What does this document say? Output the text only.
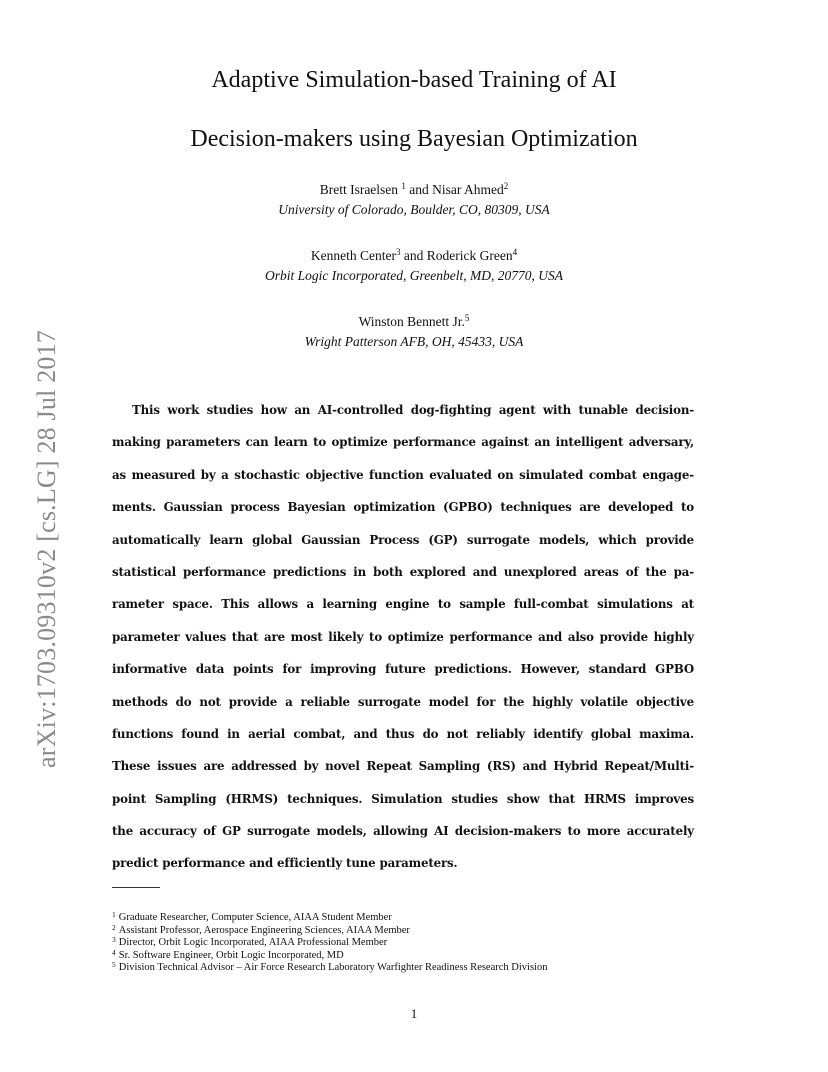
Adaptive Simulation-based Training of AI
Decision-makers using Bayesian Optimization
Brett Israelsen $^1$ and Nisar Ahmed$^2$
University of Colorado, Boulder, CO, 80309, USA
Kenneth Center$^3$ and Roderick Green$^4$
Orbit Logic Incorporated, Greenbelt, MD, 20770, USA
Winston Bennett Jr.$^5$
Wright Patterson AFB, OH, 45433, USA
arXiv:1703.09310v2 [cs.LG] 28 Jul 2017	This work studies how an AI-controlled dog-fighting agent with tunable decision-
making parameters can learn to optimize performance against an intelligent adversary,
as measured by a stochastic objective function evaluated on simulated combat engage-
ments. Gaussian process Bayesian optimization (GPBO) techniques are developed to
automatically learn global Gaussian Process (GP) surrogate models, which provide
statistical performance predictions in both explored and unexplored areas of the pa-
rameter space. This allows a learning engine to sample full-combat simulations at
parameter values that are most likely to optimize performance and also provide highly
informative data points for improving future predictions. However, standard GPBO
methods do not provide a reliable surrogate model for the highly volatile objective
functions found in aerial combat, and thus do not reliably identify global maxima.
These issues are addressed by novel Repeat Sampling (RS) and Hybrid Repeat/Multi-
point Sampling (HRMS) techniques. Simulation studies show that HRMS improves
the accuracy of GP surrogate models, allowing AI decision-makers to more accurately
predict performance and efficiently tune parameters.
$^1$ Graduate Researcher, Computer Science, AIAA Student Member
$^2$ Assistant Professor, Aerospace Engineering Sciences, AIAA Member
$^3$ Director, Orbit Logic Incorporated, AIAA Professional Member
$^4$ Sr. Software Engineer, Orbit Logic Incorporated, MD
$^5$ Division Technical Advisor – Air Force Research Laboratory Warfighter Readiness Research Division
1
